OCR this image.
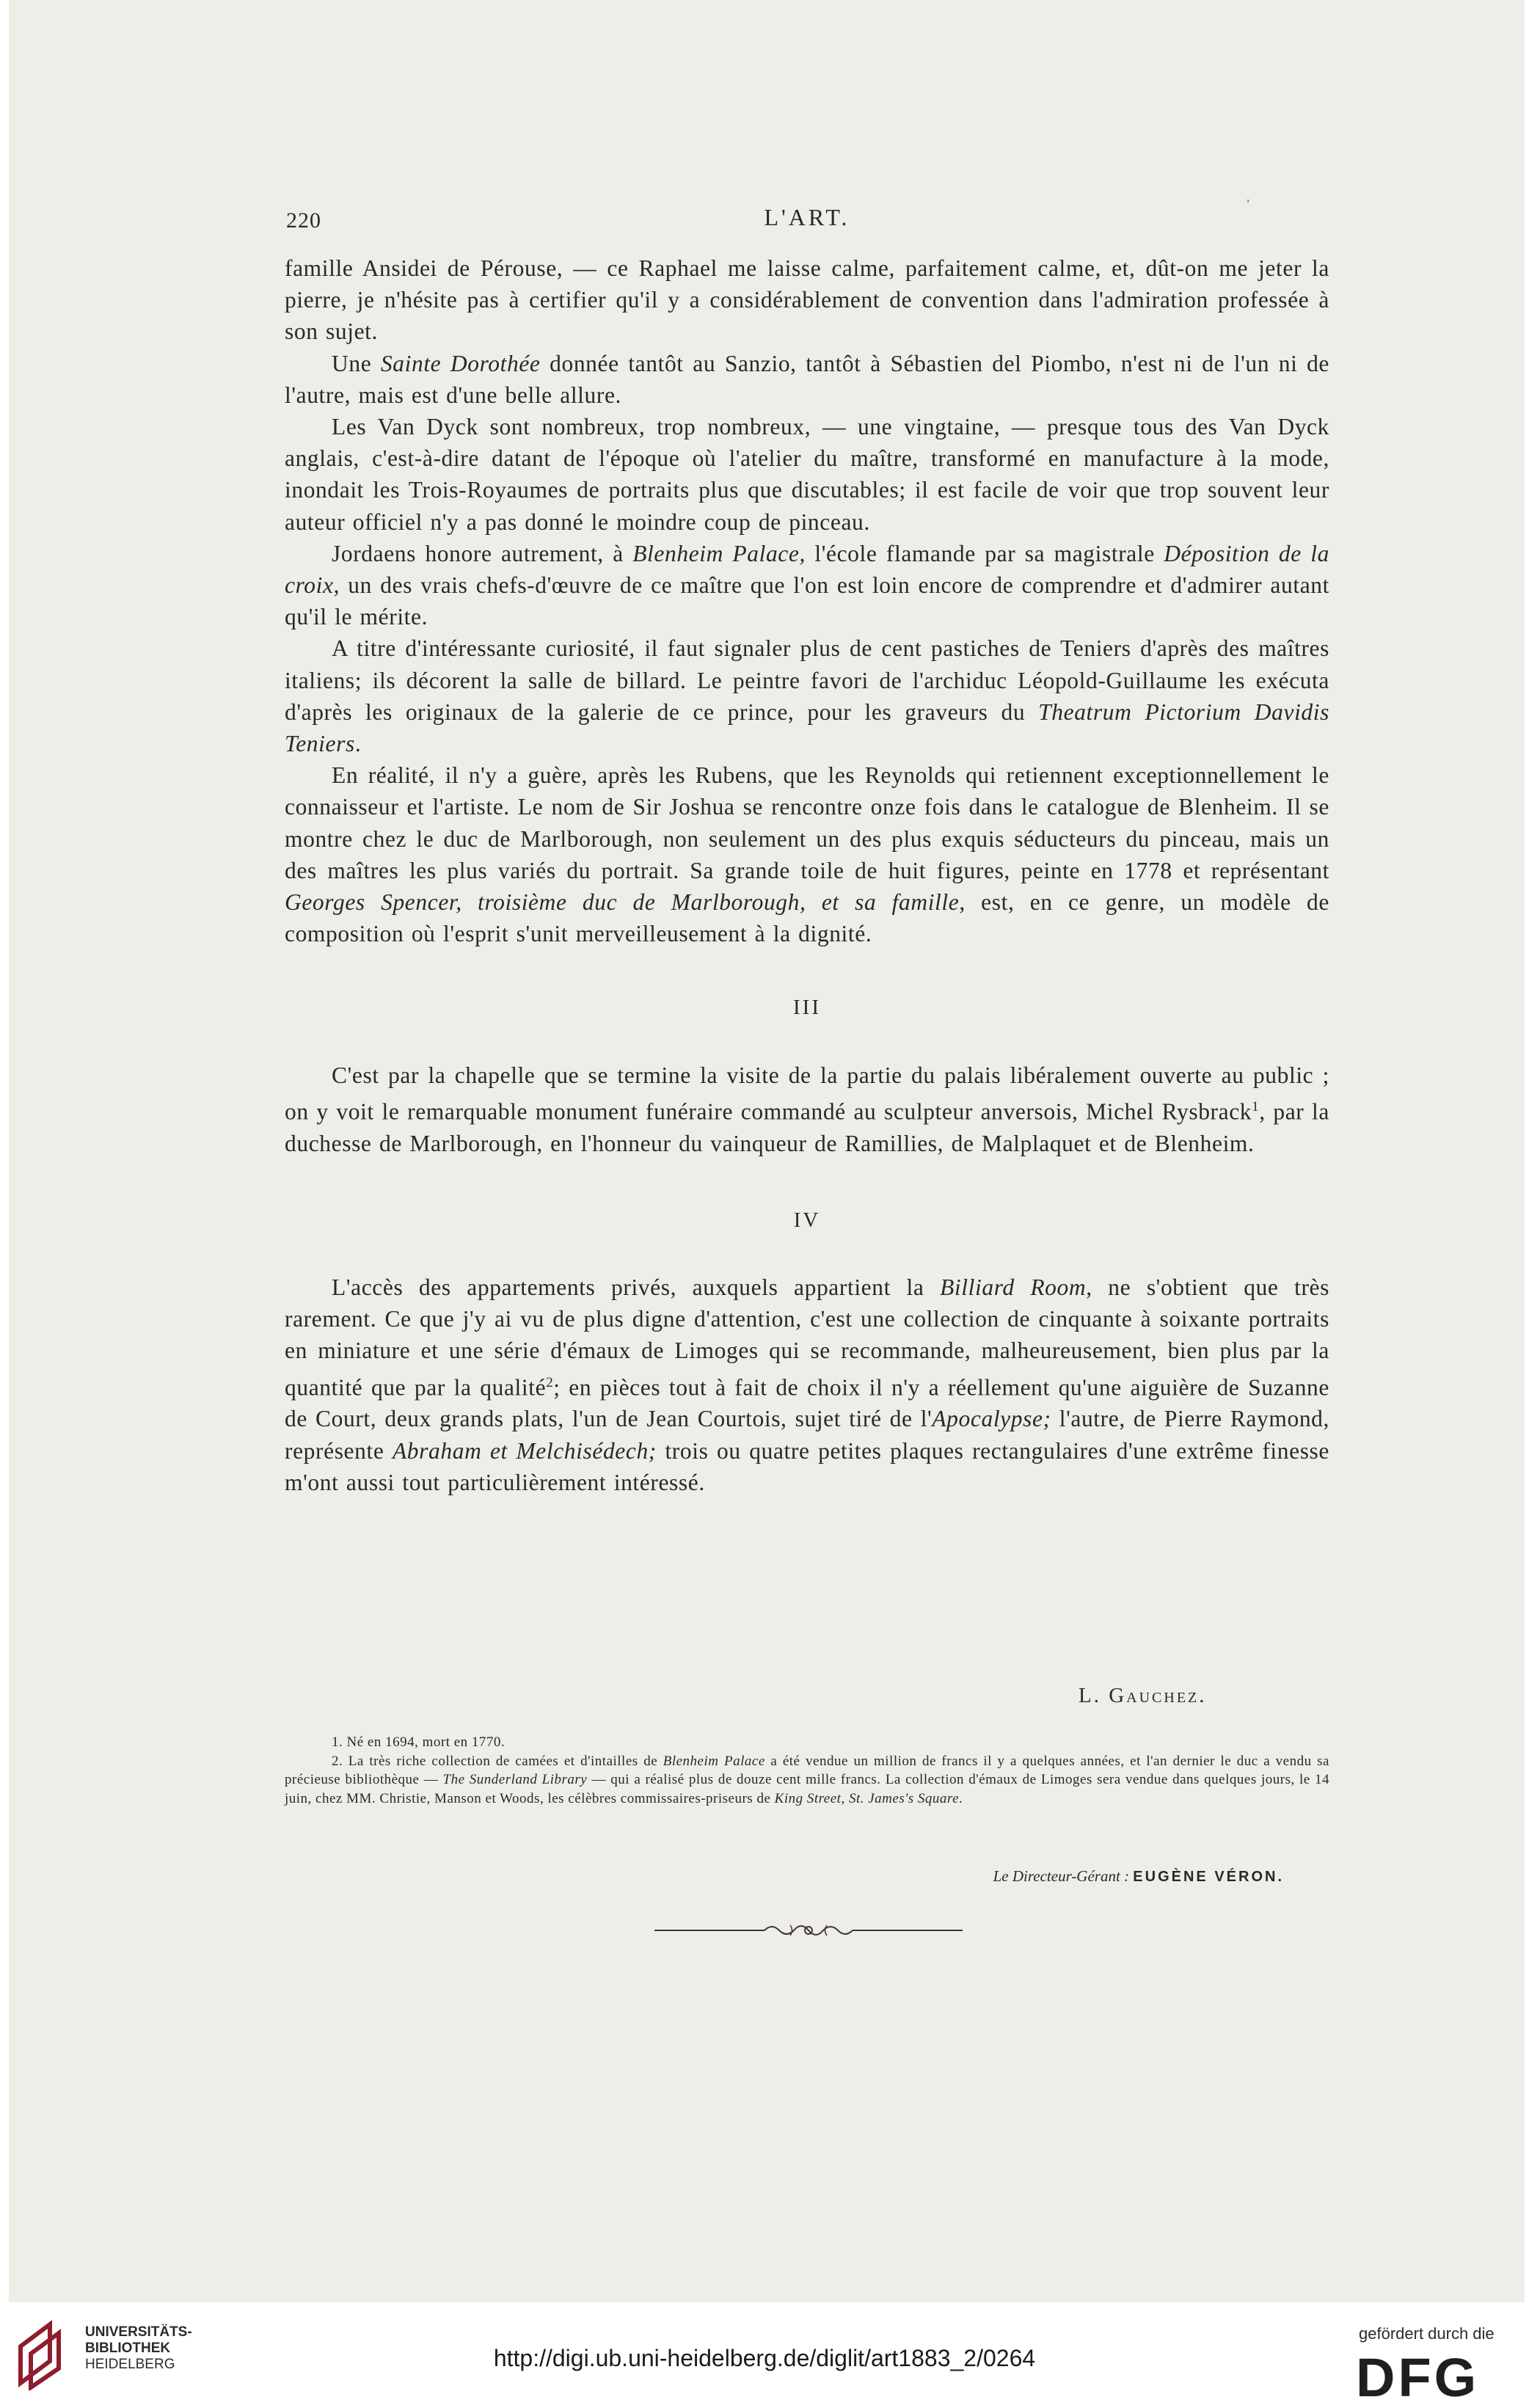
ʼ
220	L'ART.

famille Ansidei de Pérouse, — ce Raphael me laisse calme, parfaitement calme, et, dût-on me jeter la pierre, je n'hésite pas à certifier qu'il y a considérablement de convention dans l'admiration professée à son sujet.

Une Sainte Dorothée donnée tantôt au Sanzio, tantôt à Sébastien del Piombo, n'est ni de l'un ni de l'autre, mais est d'une belle allure.

Les Van Dyck sont nombreux, trop nombreux, — une vingtaine, — presque tous des Van Dyck anglais, c'est-à-dire datant de l'époque où l'atelier du maître, transformé en manufacture à la mode, inondait les Trois-Royaumes de portraits plus que discutables; il est facile de voir que trop souvent leur auteur officiel n'y a pas donné le moindre coup de pinceau.

Jordaens honore autrement, à Blenheim Palace, l'école flamande par sa magistrale Déposition de la croix, un des vrais chefs-d'œuvre de ce maître que l'on est loin encore de comprendre et d'admirer autant qu'il le mérite.

A titre d'intéressante curiosité, il faut signaler plus de cent pastiches de Teniers d'après des maîtres italiens; ils décorent la salle de billard. Le peintre favori de l'archiduc Léopold-Guillaume les exécuta d'après les originaux de la galerie de ce prince, pour les graveurs du Theatrum Pictorium Davidis Teniers.

En réalité, il n'y a guère, après les Rubens, que les Reynolds qui retiennent exceptionnellement le connaisseur et l'artiste. Le nom de Sir Joshua se rencontre onze fois dans le catalogue de Blenheim. Il se montre chez le duc de Marlborough, non seulement un des plus exquis séducteurs du pinceau, mais un des maîtres les plus variés du portrait. Sa grande toile de huit figures, peinte en 1778 et représentant Georges Spencer, troisième duc de Marlborough, et sa famille, est, en ce genre, un modèle de composition où l'esprit s'unit merveilleusement à la dignité.

III

C'est par la chapelle que se termine la visite de la partie du palais libéralement ouverte au public ; on y voit le remarquable monument funéraire commandé au sculpteur anversois, Michel Rysbrack$^1$, par la duchesse de Marlborough, en l'honneur du vainqueur de Ramillies, de Malplaquet et de Blenheim.

IV

L'accès des appartements privés, auxquels appartient la Billiard Room, ne s'obtient que très rarement. Ce que j'y ai vu de plus digne d'attention, c'est une collection de cinquante à soixante portraits en miniature et une série d'émaux de Limoges qui se recommande, malheureusement, bien plus par la quantité que par la qualité$^2$; en pièces tout à fait de choix il n'y a réellement qu'une aiguière de Suzanne de Court, deux grands plats, l'un de Jean Courtois, sujet tiré de l'Apocalypse; l'autre, de Pierre Raymond, représente Abraham et Melchisédech; trois ou quatre petites plaques rectangulaires d'une extrême finesse m'ont aussi tout particulièrement intéressé.

L. Gauchez.

1. Né en 1694, mort en 1770.

2. La très riche collection de camées et d'intailles de Blenheim Palace a été vendue un million de francs il y a quelques années, et l'an dernier le duc a vendu sa précieuse bibliothèque — The Sunderland Library — qui a réalisé plus de douze cent mille francs. La collection d'émaux de Limoges sera vendue dans quelques jours, le 14 juin, chez MM. Christie, Manson et Woods, les célèbres commissaires-priseurs de King Street, St. James's Square.

Le Directeur-Gérant : EUGÈNE VÉRON.
UNIVERSITÄTS-
BIBLIOTHEK
HEIDELBERG	http://digi.ub.uni-heidelberg.de/diglit/art1883_2/0264
gefördert durch die
DFG
